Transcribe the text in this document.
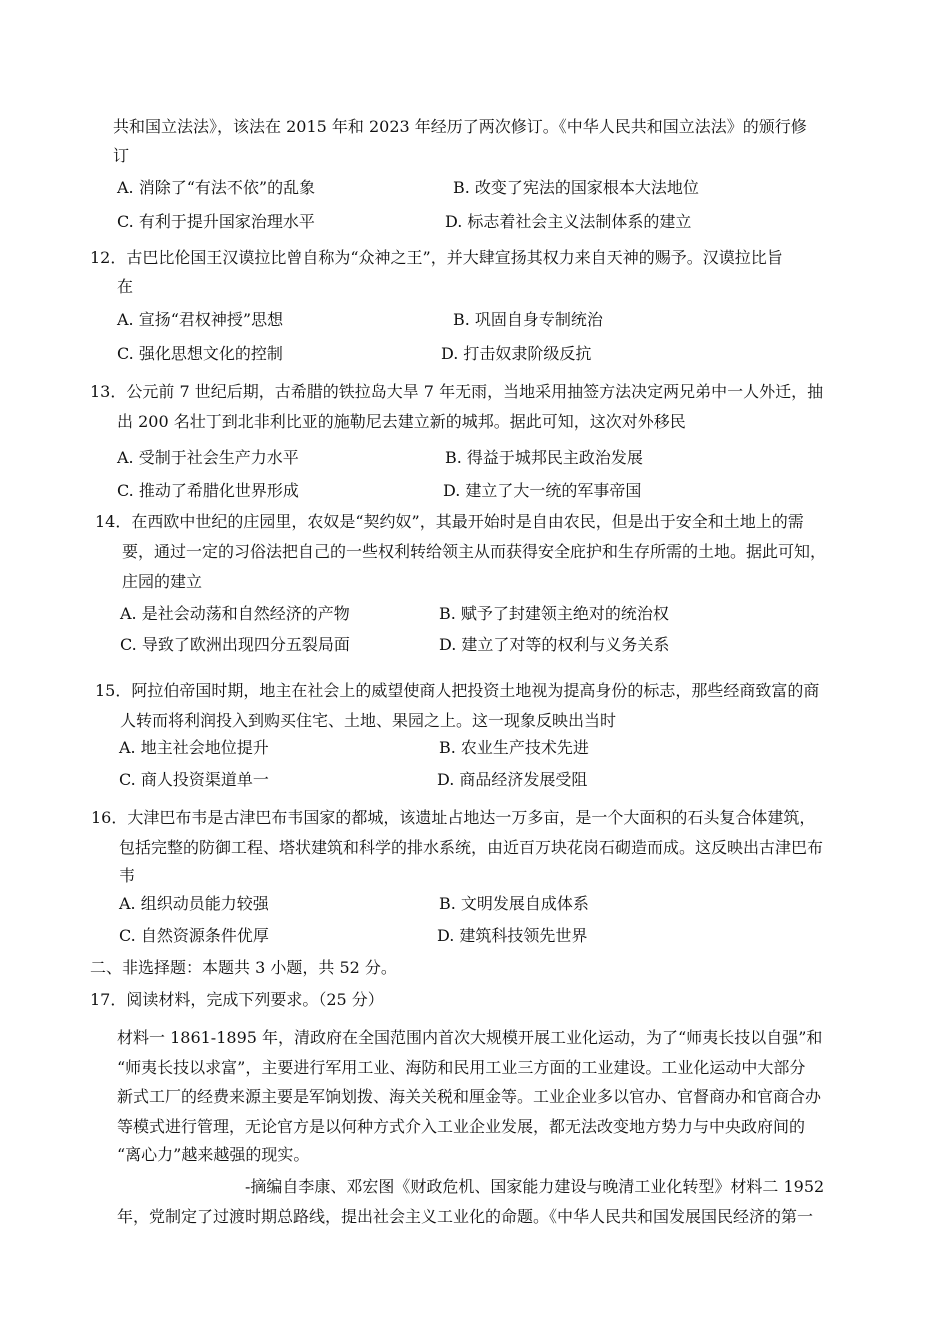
共和国立法法》，该法在 2015 年和 2023 年经历了两次修订。《中华人民共和国立法法》的颁行修
订
A. 消除了“有法不依”的乱象	B. 改变了宪法的国家根本大法地位
C. 有利于提升国家治理水平	D. 标志着社会主义法制体系的建立
12．古巴比伦国王汉谟拉比曾自称为“众神之王”，并大肆宣扬其权力来自天神的赐予。汉谟拉比旨
在
A. 宣扬“君权神授”思想	B. 巩固自身专制统治
C. 强化思想文化的控制	D. 打击奴隶阶级反抗
13．公元前 7 世纪后期，古希腊的铁拉岛大旱 7 年无雨，当地采用抽签方法决定两兄弟中一人外迁，抽
出 200 名壮丁到北非利比亚的施勒尼去建立新的城邦。据此可知，这次对外移民
A. 受制于社会生产力水平	B. 得益于城邦民主政治发展
C. 推动了希腊化世界形成	D. 建立了大一统的军事帝国
14．在西欧中世纪的庄园里，农奴是“契约奴”，其最开始时是自由农民，但是出于安全和土地上的需
要，通过一定的习俗法把自己的一些权利转给领主从而获得安全庇护和生存所需的土地。据此可知，
庄园的建立
A. 是社会动荡和自然经济的产物	B. 赋予了封建领主绝对的统治权
C. 导致了欧洲出现四分五裂局面	D. 建立了对等的权利与义务关系
15．阿拉伯帝国时期，地主在社会上的威望使商人把投资土地视为提高身份的标志，那些经商致富的商
人转而将利润投入到购买住宅、土地、果园之上。这一现象反映出当时
A. 地主社会地位提升	B. 农业生产技术先进
C. 商人投资渠道单一	D. 商品经济发展受阻
16．大津巴布韦是古津巴布韦国家的都城，该遗址占地达一万多亩，是一个大面积的石头复合体建筑，
包括完整的防御工程、塔状建筑和科学的排水系统，由近百万块花岗石砌造而成。这反映出古津巴布
韦
A. 组织动员能力较强	B. 文明发展自成体系
C. 自然资源条件优厚	D. 建筑科技领先世界
二、非选择题：本题共 3 小题，共 52 分。
17．阅读材料，完成下列要求。（25 分）
材料一 1861-1895 年，清政府在全国范围内首次大规模开展工业化运动，为了“师夷长技以自强”和
“师夷长技以求富”，主要进行军用工业、海防和民用工业三方面的工业建设。工业化运动中大部分
新式工厂的经费来源主要是军饷划拨、海关关税和厘金等。工业企业多以官办、官督商办和官商合办
等模式进行管理，无论官方是以何种方式介入工业企业发展，都无法改变地方势力与中央政府间的
“离心力”越来越强的现实。
-摘编自李康、邓宏图《财政危机、国家能力建设与晚清工业化转型》材料二 1952
年，党制定了过渡时期总路线，提出社会主义工业化的命题。《中华人民共和国发展国民经济的第一
